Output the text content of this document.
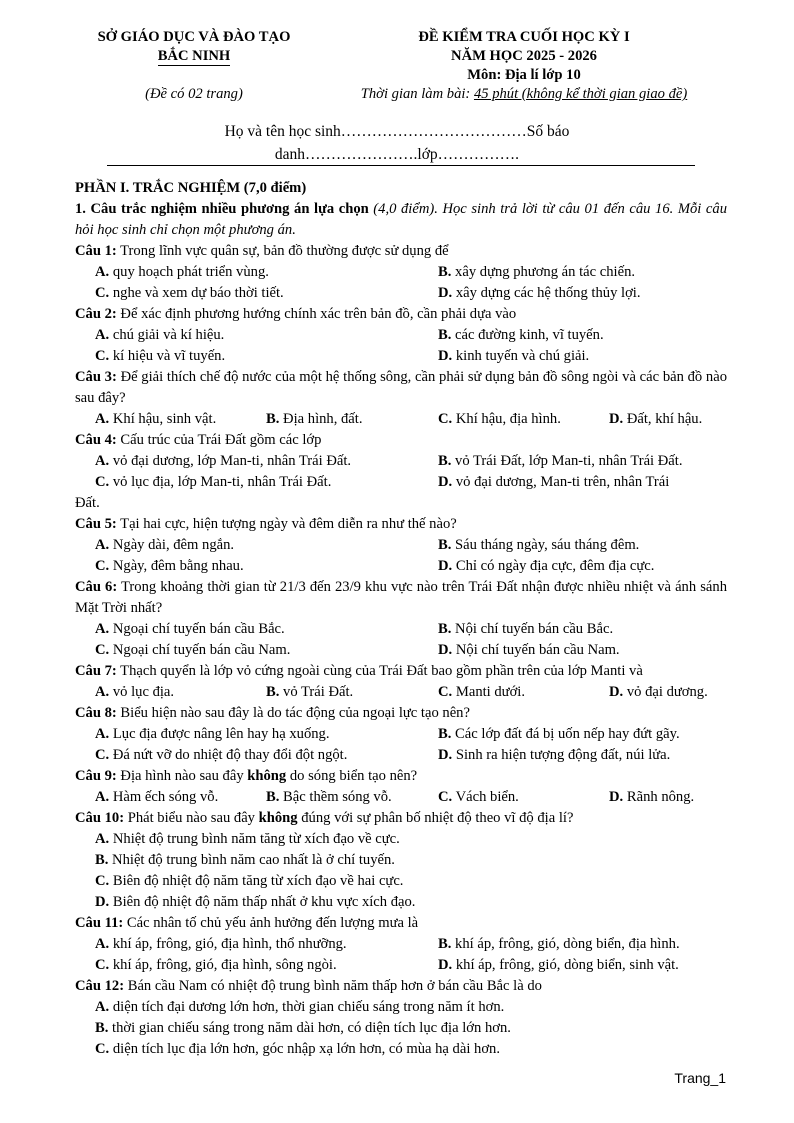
SỞ GIÁO DỤC VÀ ĐÀO TẠO
BẮC NINH
(Đề có 02 trang)
ĐỀ KIỂM TRA CUỐI HỌC KỲ I
NĂM HỌC 2025 - 2026
Môn: Địa lí lớp 10
Thời gian làm bài: 45 phút (không kể thời gian giao đề)
Họ và tên học sinh………………………………Số báo
danh………………….lớp…………….
PHẦN I. TRẮC NGHIỆM (7,0 điểm)
1. Câu trắc nghiệm nhiều phương án lựa chọn (4,0 điểm). Học sinh trả lời từ câu 01 đến câu 16. Mỗi câu hỏi học sinh chỉ chọn một phương án.
Câu 1: Trong lĩnh vực quân sự, bản đồ thường được sử dụng để
A. quy hoạch phát triển vùng.	B. xây dựng phương án tác chiến.
C. nghe và xem dự báo thời tiết.	D. xây dựng các hệ thống thủy lợi.
Câu 2: Để xác định phương hướng chính xác trên bản đồ, cần phải dựa vào
A. chú giải và kí hiệu.	B. các đường kinh, vĩ tuyến.
C. kí hiệu và vĩ tuyến.	D. kinh tuyến và chú giải.
Câu 3: Để giải thích chế độ nước của một hệ thống sông, cần phải sử dụng bản đồ sông ngòi và các bản đồ nào sau đây?
A. Khí hậu, sinh vật.	B. Địa hình, đất.	C. Khí hậu, địa hình.	D. Đất, khí hậu.
Câu 4: Cấu trúc của Trái Đất gồm các lớp
A. vỏ đại dương, lớp Man-ti, nhân Trái Đất.	B. vỏ Trái Đất, lớp Man-ti, nhân Trái Đất.
C. vỏ lục địa, lớp Man-ti, nhân Trái Đất.	D. vỏ đại dương, Man-ti trên, nhân Trái
Đất.
Câu 5: Tại hai cực, hiện tượng ngày và đêm diễn ra như thế nào?
A. Ngày dài, đêm ngắn.	B. Sáu tháng ngày, sáu tháng đêm.
C. Ngày, đêm bằng nhau.	D. Chỉ có ngày địa cực, đêm địa cực.
Câu 6: Trong khoảng thời gian từ 21/3 đến 23/9 khu vực nào trên Trái Đất nhận được nhiều nhiệt và ánh sánh Mặt Trời nhất?
A. Ngoại chí tuyến bán cầu Bắc.	B. Nội chí tuyến bán cầu Bắc.
C. Ngoại chí tuyến bán cầu Nam.	D. Nội chí tuyến bán cầu Nam.
Câu 7: Thạch quyển là lớp vỏ cứng ngoài cùng của Trái Đất bao gồm phần trên của lớp Manti và
A. vỏ lục địa.	B. vỏ Trái Đất.	C. Manti dưới.	D. vỏ đại dương.
Câu 8: Biểu hiện nào sau đây là do tác động của ngoại lực tạo nên?
A. Lục địa được nâng lên hay hạ xuống.	B. Các lớp đất đá bị uốn nếp hay đứt gãy.
C. Đá nứt vỡ do nhiệt độ thay đổi đột ngột.	D. Sinh ra hiện tượng động đất, núi lửa.
Câu 9: Địa hình nào sau đây không do sóng biển tạo nên?
A. Hàm ếch sóng vỗ.	B. Bậc thềm sóng vỗ.	C. Vách biển.	D. Rãnh nông.
Câu 10: Phát biểu nào sau đây không đúng với sự phân bố nhiệt độ theo vĩ độ địa lí?
A. Nhiệt độ trung bình năm tăng từ xích đạo về cực.
B. Nhiệt độ trung bình năm cao nhất là ở chí tuyến.
C. Biên độ nhiệt độ năm tăng từ xích đạo về hai cực.
D. Biên độ nhiệt độ năm thấp nhất ở khu vực xích đạo.
Câu 11: Các nhân tố chủ yếu ảnh hưởng đến lượng mưa là
A. khí áp, frông, gió, địa hình, thổ nhưỡng.	B. khí áp, frông, gió, dòng biển, địa hình.
C. khí áp, frông, gió, địa hình, sông ngòi.	D. khí áp, frông, gió, dòng biển, sinh vật.
Câu 12: Bán cầu Nam có nhiệt độ trung bình năm thấp hơn ở bán cầu Bắc là do
A. diện tích đại dương lớn hơn, thời gian chiếu sáng trong năm ít hơn.
B. thời gian chiếu sáng trong năm dài hơn, có diện tích lục địa lớn hơn.
C. diện tích lục địa lớn hơn, góc nhập xạ lớn hơn, có mùa hạ dài hơn.
Trang_1
